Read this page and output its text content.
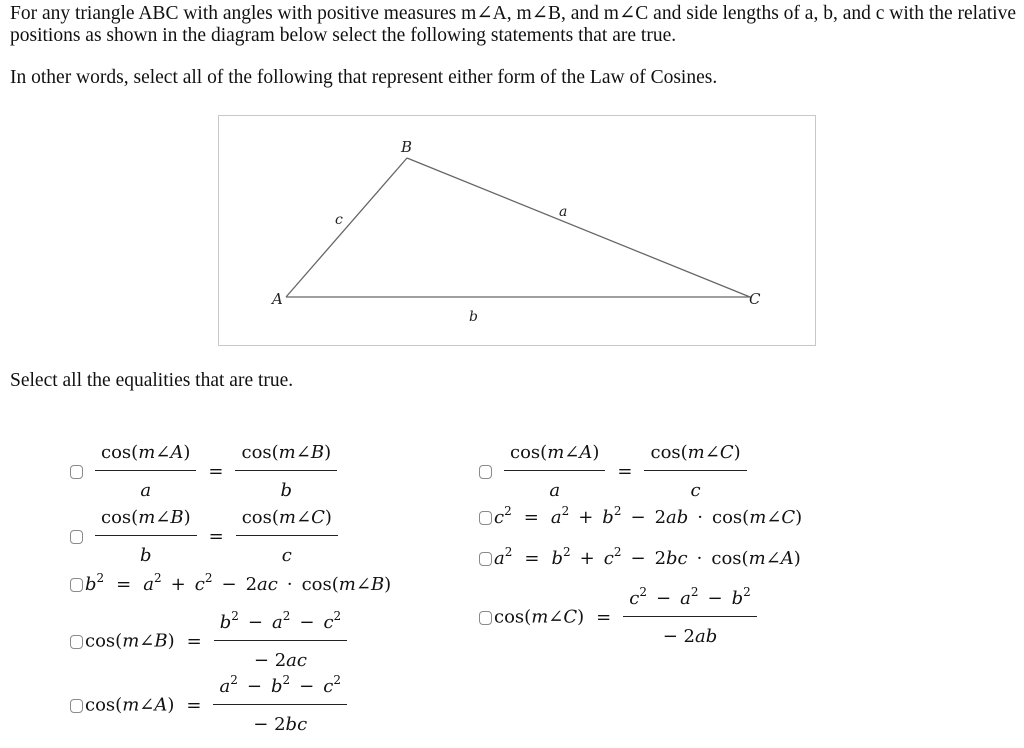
For any triangle ABC with angles with positive measures m∠A, m∠B, and m∠C and side lengths of a, b, and c with the relative positions as shown in the diagram below select the following statements that are true.

In other words, select all of the following that represent either form of the Law of Cosines.

A
B
C
c	a
b
Select all the equalities that are true.
$\frac{\cos(m\angle A)}{a} = \frac{\cos(m\angle B)}{b}$	$\frac{\cos(m\angle A)}{a} = \frac{\cos(m\angle C)}{c}$
$\frac{\cos(m\angle B)}{b} = \frac{\cos(m\angle C)}{c}$	$c^2 = a^2 + b^2 - 2ab$ · cos(m∠C)
$a^2 = b^2 + c^2 - 2bc$ · cos(m∠A)
$b^2 = a^2 + c^2 - 2ac$ · cos(m∠B)
cos(m∠C) = $\frac{c^2 - a^2 - b^2}{- 2ab}$
cos(m∠B) = $\frac{b^2 - a^2 - c^2}{- 2ac}$
cos(m∠A) = $\frac{a^2 - b^2 - c^2}{- 2bc}$
